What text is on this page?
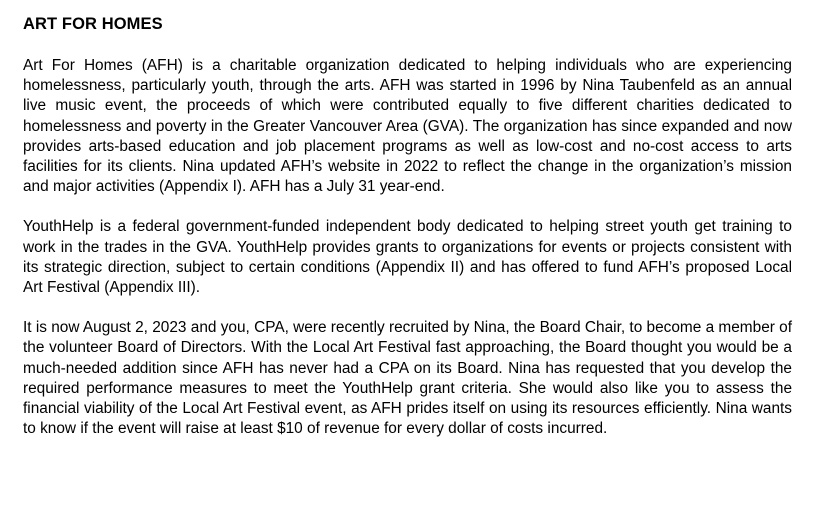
ART FOR HOMES

Art For Homes (AFH) is a charitable organization dedicated to helping individuals who are experiencing homelessness, particularly youth, through the arts. AFH was started in 1996 by Nina Taubenfeld as an annual live music event, the proceeds of which were contributed equally to five different charities dedicated to homelessness and poverty in the Greater Vancouver Area (GVA). The organization has since expanded and now provides arts-based education and job placement programs as well as low-cost and no-cost access to arts facilities for its clients. Nina updated AFH’s website in 2022 to reflect the change in the organization’s mission and major activities (Appendix I). AFH has a July 31 year-end.

YouthHelp is a federal government-funded independent body dedicated to helping street youth get training to work in the trades in the GVA. YouthHelp provides grants to organizations for events or projects consistent with its strategic direction, subject to certain conditions (Appendix II) and has offered to fund AFH’s proposed Local Art Festival (Appendix III).

It is now August 2, 2023 and you, CPA, were recently recruited by Nina, the Board Chair, to become a member of the volunteer Board of Directors. With the Local Art Festival fast approaching, the Board thought you would be a much-needed addition since AFH has never had a CPA on its Board. Nina has requested that you develop the required performance measures to meet the YouthHelp grant criteria. She would also like you to assess the financial viability of the Local Art Festival event, as AFH prides itself on using its resources efficiently. Nina wants to know if the event will raise at least $10 of revenue for every dollar of costs incurred.
